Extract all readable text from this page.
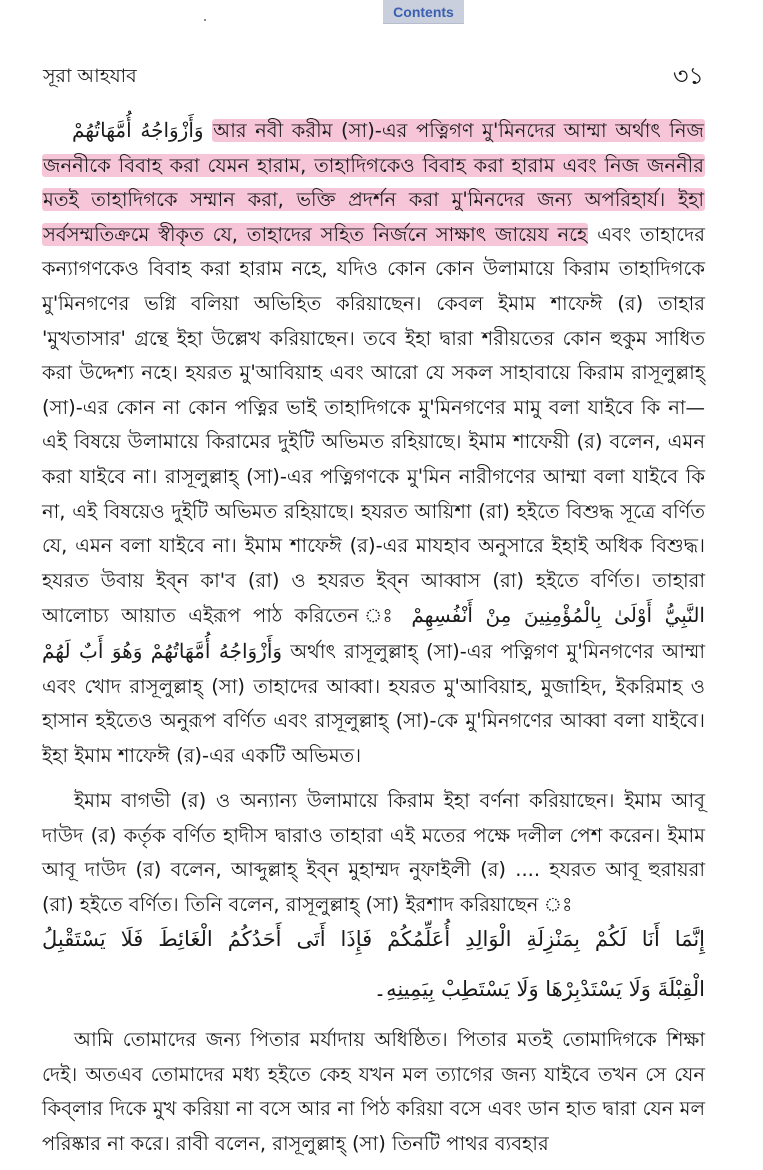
Contents
সূরা আহযাব	৩১
وَأَزْوَاجُهُ أُمَّهَاتُهُمْ আর নবী করীম (সা)-এর পত্নিগণ মু'মিনদের আম্মা অর্থাৎ নিজ জননীকে বিবাহ করা যেমন হারাম, তাহাদিগকেও বিবাহ করা হারাম এবং নিজ জননীর মতই তাহাদিগকে সম্মান করা, ভক্তি প্রদর্শন করা মু'মিনদের জন্য অপরিহার্য। ইহা সর্বসম্মতিক্রমে স্বীকৃত যে, তাহাদের সহিত নির্জনে সাক্ষাৎ জায়েয নহে এবং তাহাদের কন্যাগণকেও বিবাহ করা হারাম নহে, যদিও কোন কোন উলামায়ে কিরাম তাহাদিগকে মু'মিনগণের ভগ্নি বলিয়া অভিহিত করিয়াছেন। কেবল ইমাম শাফেঈ (র) তাহার 'মুখতাসার' গ্রন্থে ইহা উল্লেখ করিয়াছেন। তবে ইহা দ্বারা শরীয়তের কোন হুকুম সাধিত করা উদ্দেশ্য নহে। হযরত মু'আবিয়াহ এবং আরো যে সকল সাহাবায়ে কিরাম রাসূলুল্লাহ্ (সা)-এর কোন না কোন পত্নির ভাই তাহাদিগকে মু'মিনগণের মামু বলা যাইবে কি না—এই বিষয়ে উলামায়ে কিরামের দুইটি অভিমত রহিয়াছে। ইমাম শাফেয়ী (র) বলেন, এমন করা যাইবে না। রাসূলুল্লাহ্ (সা)-এর পত্নিগণকে মু'মিন নারীগণের আম্মা বলা যাইবে কি না, এই বিষয়েও দুইটি অভিমত রহিয়াছে। হযরত আয়িশা (রা) হইতে বিশুদ্ধ সূত্রে বর্ণিত যে, এমন বলা যাইবে না। ইমাম শাফেঈ (র)-এর মাযহাব অনুসারে ইহাই অধিক বিশুদ্ধ। হযরত উবায় ইব্ন কা'ব (রা) ও হযরত ইব্ন আব্বাস (রা) হইতে বর্ণিত। তাহারা আলোচ্য আয়াত এইরূপ পাঠ করিতেন ঃ النَّبِيُّ أَوْلَىٰ بِالْمُؤْمِنِينَ مِنْ أَنْفُسِهِمْ وَأَزْوَاجُهُ أُمَّهَاتُهُمْ وَهُوَ أَبٌ لَهُمْ অর্থাৎ রাসূলুল্লাহ্ (সা)-এর পত্নিগণ মু'মিনগণের আম্মা এবং খোদ রাসূলুল্লাহ্ (সা) তাহাদের আব্বা। হযরত মু'আবিয়াহ, মুজাহিদ, ইকরিমাহ ও হাসান হইতেও অনুরূপ বর্ণিত এবং রাসূলুল্লাহ্ (সা)-কে মু'মিনগণের আব্বা বলা যাইবে। ইহা ইমাম শাফেঈ (র)-এর একটি অভিমত।
ইমাম বাগভী (র) ও অন্যান্য উলামায়ে কিরাম ইহা বর্ণনা করিয়াছেন। ইমাম আবূ দাউদ (র) কর্তৃক বর্ণিত হাদীস দ্বারাও তাহারা এই মতের পক্ষে দলীল পেশ করেন। ইমাম আবূ দাউদ (র) বলেন, আব্দুল্লাহ্ ইব্ন মুহাম্মদ নুফাইলী (র) .... হযরত আবূ হুরায়রা (রা) হইতে বর্ণিত। তিনি বলেন, রাসূলুল্লাহ্ (সা) ইরশাদ করিয়াছেন ঃ
إِنَّمَا أَنَا لَكُمْ بِمَنْزِلَةِ الْوَالِدِ أُعَلِّمُكُمْ فَإِذَا أَتَى أَحَدُكُمُ الْغَائِطَ فَلَا يَسْتَقْبِلُ
الْقِبْلَةَ وَلَا يَسْتَدْبِرْهَا وَلَا يَسْتَطِبْ بِيَمِينِهِ۔
আমি তোমাদের জন্য পিতার মর্যাদায় অধিষ্ঠিত। পিতার মতই তোমাদিগকে শিক্ষা দেই। অতএব তোমাদের মধ্য হইতে কেহ যখন মল ত্যাগের জন্য যাইবে তখন সে যেন কিব্‌লার দিকে মুখ করিয়া না বসে আর না পিঠ করিয়া বসে এবং ডান হাত দ্বারা যেন মল পরিষ্কার না করে। রাবী বলেন, রাসূলুল্লাহ্ (সা) তিনটি পাথর ব্যবহার
